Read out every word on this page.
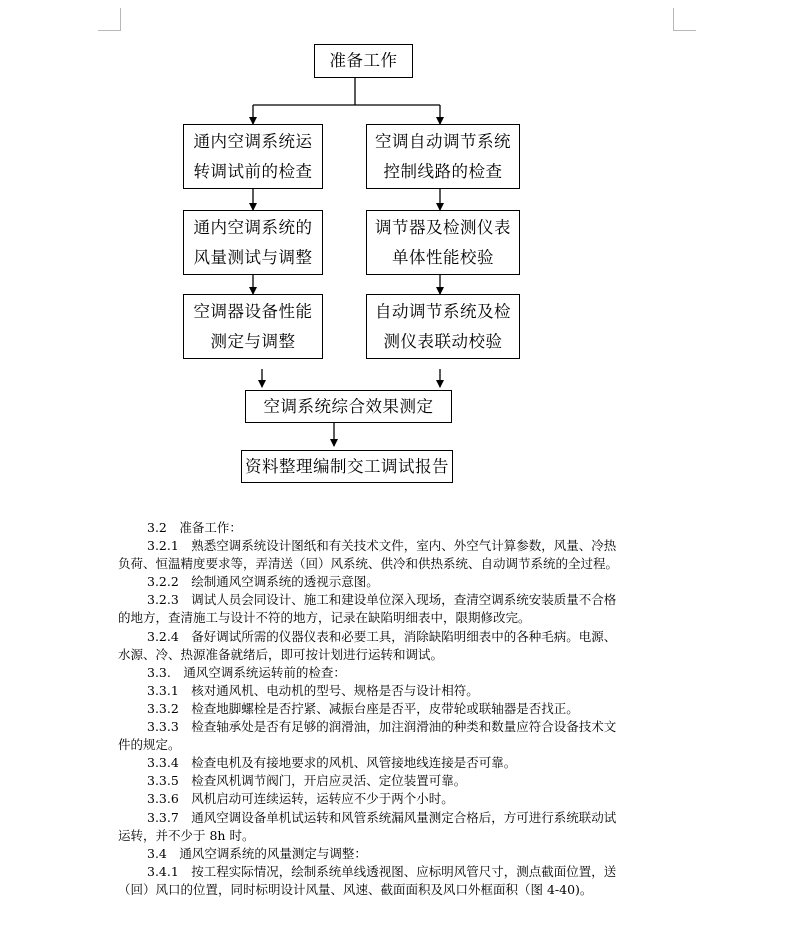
准备工作
通内空调系统运
转调试前的检查
通内空调系统的
风量测试与调整
空调器设备性能
测定与调整
空调自动调节系统
控制线路的检查
调节器及检测仪表
单体性能校验
自动调节系统及检
测仪表联动校验
空调系统综合效果测定
资料整理编制交工调试报告

3.2　准备工作：

3.2.1　熟悉空调系统设计图纸和有关技术文件，室内、外空气计算参数，风量、冷热

负荷、恒温精度要求等，弄清送（回）风系统、供冷和供热系统、自动调节系统的全过程。

3.2.2　绘制通风空调系统的透视示意图。

3.2.3　调试人员会同设计、施工和建设单位深入现场，查清空调系统安装质量不合格

的地方，查清施工与设计不符的地方，记录在缺陷明细表中，限期修改完。

3.2.4　备好调试所需的仪器仪表和必要工具，消除缺陷明细表中的各种毛病。电源、

水源、冷、热源准备就绪后，即可按计划进行运转和调试。

3.3.　通风空调系统运转前的检查：

3.3.1　核对通风机、电动机的型号、规格是否与设计相符。

3.3.2　检查地脚螺栓是否拧紧、减振台座是否平，皮带轮或联轴器是否找正。

3.3.3　检查轴承处是否有足够的润滑油，加注润滑油的种类和数量应符合设备技术文

件的规定。

3.3.4　检查电机及有接地要求的风机、风管接地线连接是否可靠。

3.3.5　检查风机调节阀门，开启应灵活、定位装置可靠。

3.3.6　风机启动可连续运转，运转应不少于两个小时。

3.3.7　通风空调设备单机试运转和风管系统漏风量测定合格后，方可进行系统联动试

运转，并不少于 8h 时。

3.4　通风空调系统的风量测定与调整：

3.4.1　按工程实际情况，绘制系统单线透视图、应标明风管尺寸，测点截面位置，送

（回）风口的位置，同时标明设计风量、风速、截面面积及风口外框面积（图 4-40)。
